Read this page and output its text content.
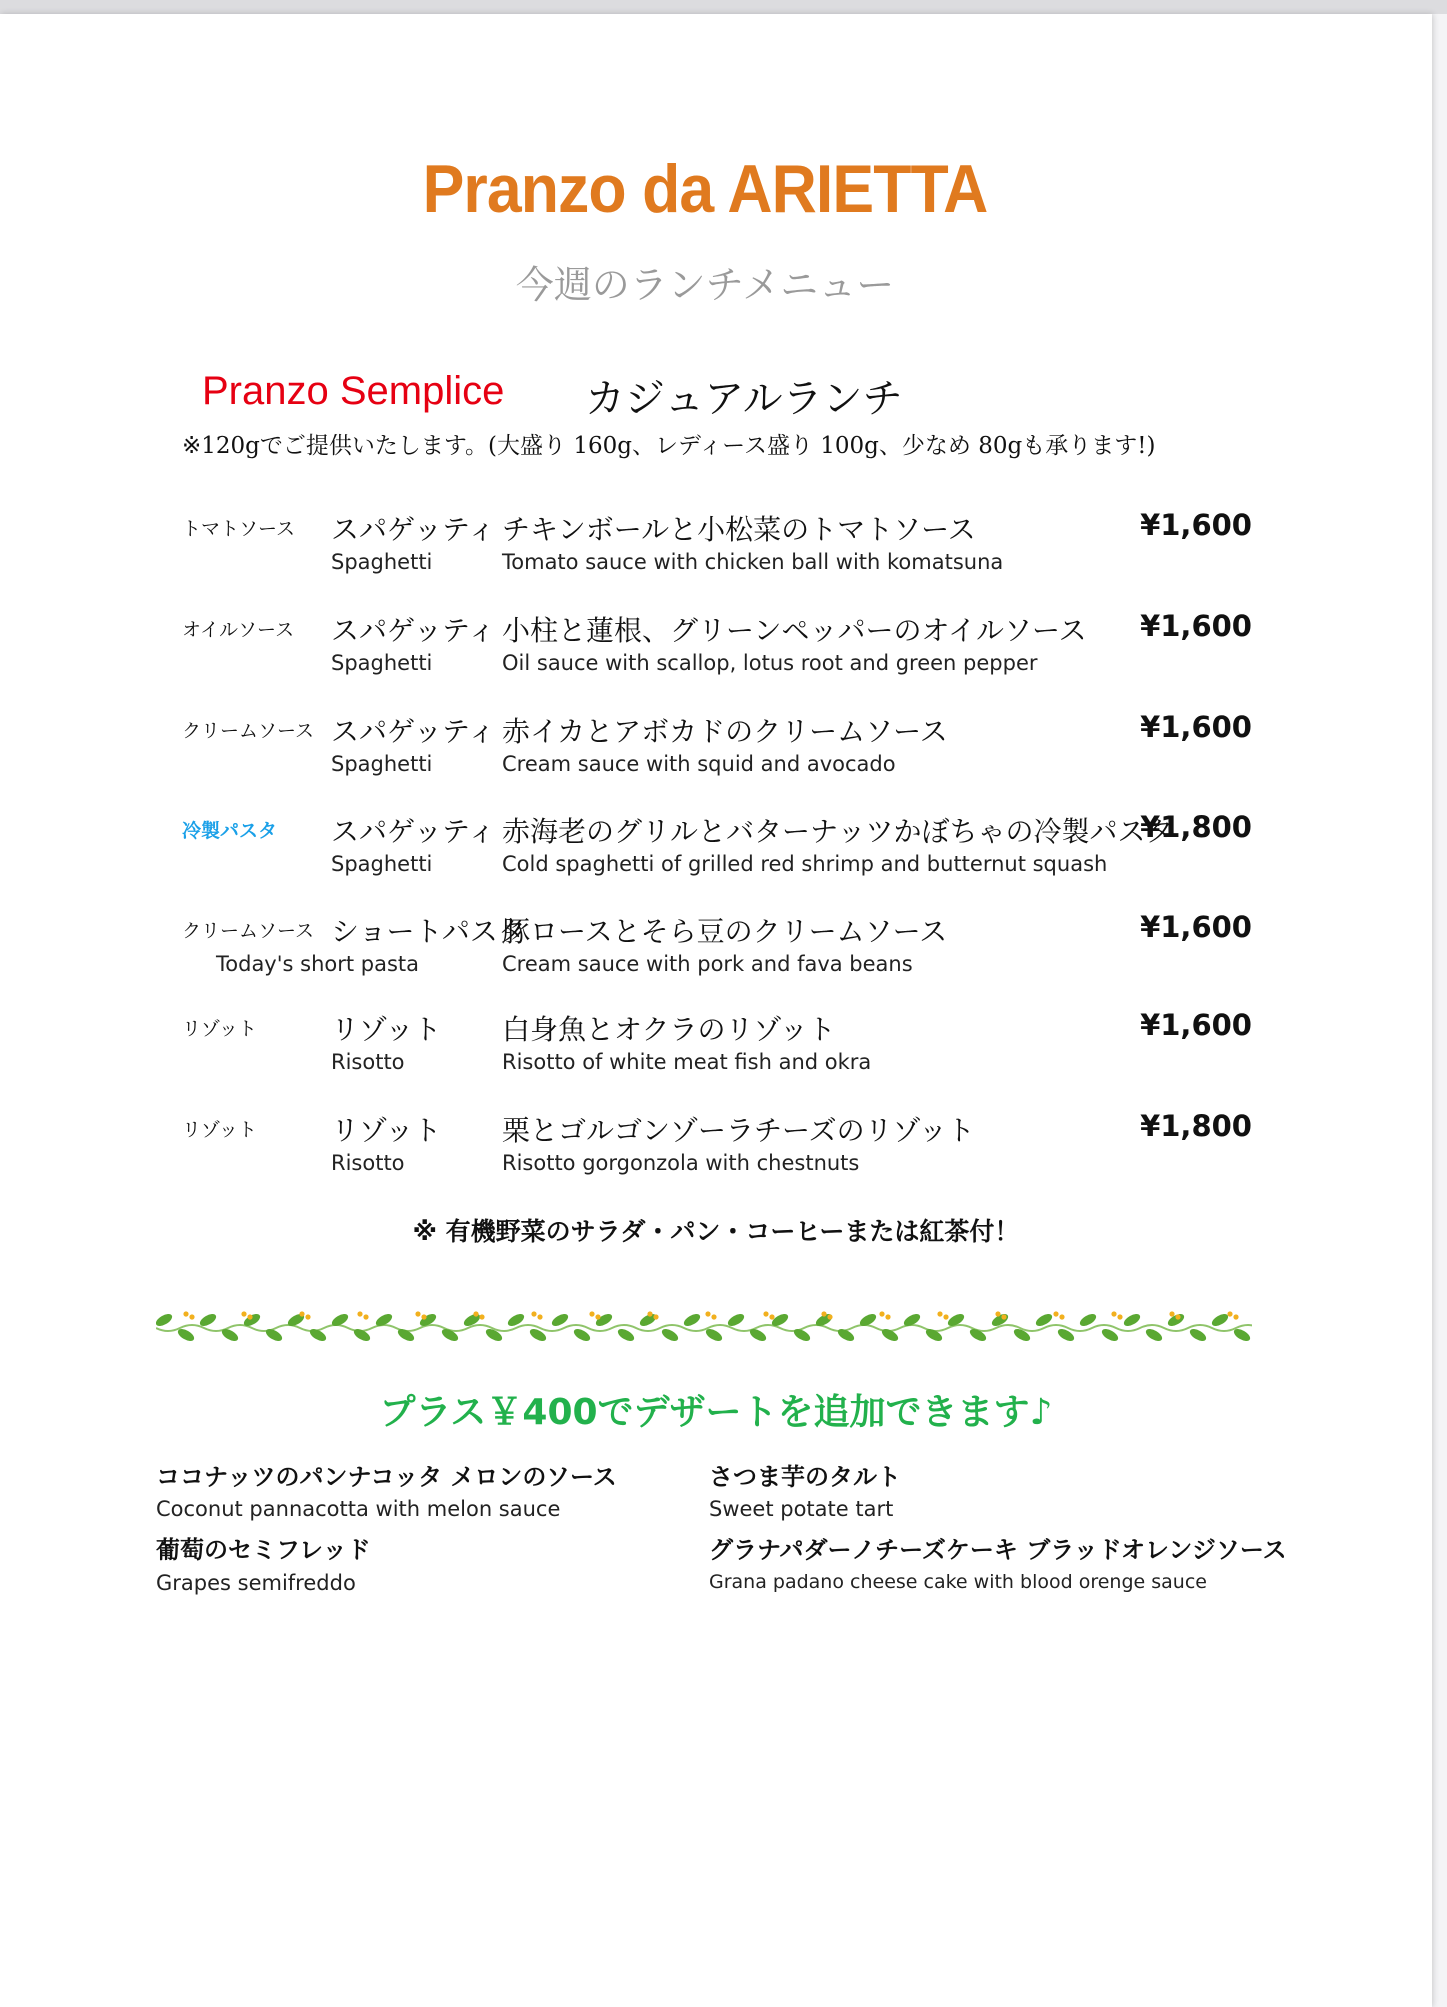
Pranzo da ARIETTA
今週のランチメニュー
Pranzo Semplice カジュアルランチ
※120gでご提供いたします。(大盛り 160g、レディース盛り 100g、少なめ 80gも承ります!)
トマトソース スパゲッティ
Spaghetti
チキンボールと小松菜のトマトソース
Tomato sauce with chicken ball with komatsuna
¥1,600
オイルソース スパゲッティ
Spaghetti
小柱と蓮根、グリーンペッパーのオイルソース
Oil sauce with scallop, lotus root and green pepper
¥1,600
クリームソース スパゲッティ
Spaghetti
赤イカとアボカドのクリームソース
Cream sauce with squid and avocado
¥1,600
冷製パスタ スパゲッティ
Spaghetti
赤海老のグリルとバターナッツかぼちゃの冷製パスタ
Cold spaghetti of grilled red shrimp and butternut squash
¥1,800
クリームソース ショートパスタ
Today's short pasta
豚ロースとそら豆のクリームソース
Cream sauce with pork and fava beans
¥1,600
リゾット	リゾット
Risotto
白身魚とオクラのリゾット
Risotto of white meat fish and okra
¥1,600
リゾット	リゾット
Risotto
栗とゴルゴンゾーラチーズのリゾット
Risotto gorgonzola with chestnuts
¥1,800
※ 有機野菜のサラダ・パン・コーヒーまたは紅茶付！
プラス￥400でデザートを追加できます♪
ココナッツのパンナコッタ メロンのソース
Coconut pannacotta with melon sauce
さつま芋のタルト
Sweet potate tart
葡萄のセミフレッド
Grapes semifreddo
グラナパダーノチーズケーキ ブラッドオレンジソース
Grana padano cheese cake with blood orenge sauce
